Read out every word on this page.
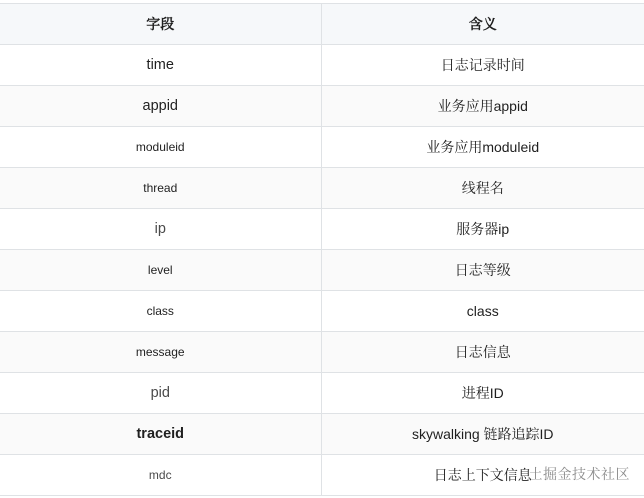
字段	含义
time	日志记录时间
appid	业务应用appid
moduleid	业务应用moduleid
thread	线程名
ip	服务器ip
level	日志等级
class	class
message	日志信息
pid	进程ID
traceid	skywalking 链路追踪ID
mdc	日志上下文信息
土掘金技术社区
